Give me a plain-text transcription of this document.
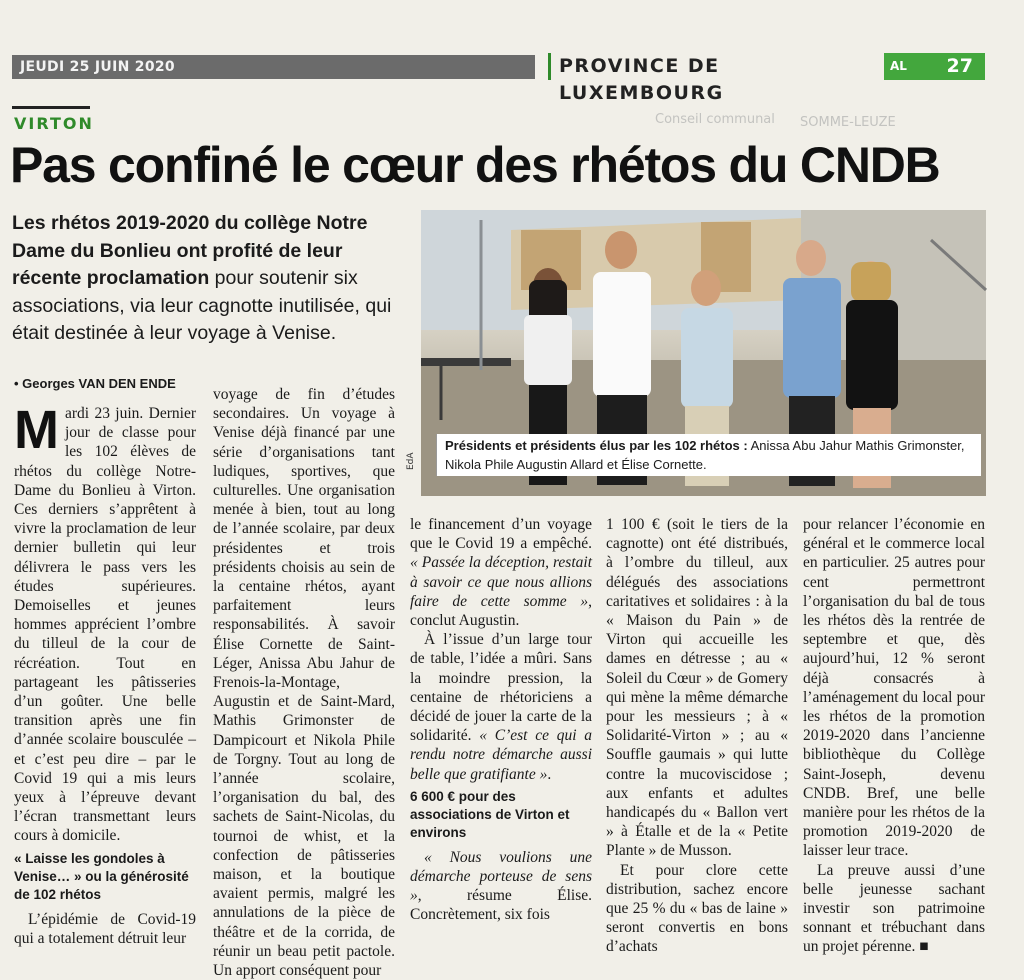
Conseil communal SOMME-LEUZE
JEUDI 25 JUIN 2020	PROVINCE DE LUXEMBOURG
AL 27
VIRTON
Pas confiné le cœur des rhétos du CNDB
Les rhétos 2019-2020 du collège Notre Dame du Bonlieu ont profité de leur récente proclamation pour soutenir six associations, via leur cagnotte inutilisée, qui était destinée à leur voyage à Venise.
EdA
Présidents et présidents élus par les 102 rhétos : Anissa Abu Jahur Mathis Grimonster, Nikola Phile Augustin Allard et Élise Cornette.
• Georges VAN DEN ENDE

Mardi 23 juin. Dernier jour de classe pour les 102 élèves de rhétos du collège Notre-Dame du Bonlieu à Virton. Ces derniers s’apprêtent à vivre la proclamation de leur dernier bulletin qui leur délivrera le pass vers les études supérieures. Demoiselles et jeunes hommes apprécient l’ombre du tilleul de la cour de récréation. Tout en partageant les pâtisseries d’un goûter. Une belle transition après une fin d’année scolaire bousculée – et c’est peu dire – par le Covid 19 qui a mis leurs yeux à l’épreuve devant l’écran transmettant leurs cours à domicile.

« Laisse les gondoles à Venise… » ou la générosité de 102 rhétos

L’épidémie de Covid-19 qui a totalement détruit leur

voyage de fin d’études secondaires. Un voyage à Venise déjà financé par une série d’organisations tant ludiques, sportives, que culturelles. Une organisation menée à bien, tout au long de l’année scolaire, par deux présidentes et trois présidents choisis au sein de la centaine rhétos, ayant parfaitement leurs responsabilités. À savoir Élise Cornette de Saint-Léger, Anissa Abu Jahur de Frenois-la-Montage, Augustin et de Saint-Mard, Mathis Grimonster de Dampicourt et Nikola Phile de Torgny. Tout au long de l’année scolaire, l’organisation du bal, des sachets de Saint-Nicolas, du tournoi de whist, et la confection de pâtisseries maison, et la boutique avaient permis, malgré les annulations de la pièce de théâtre et de la corrida, de réunir un beau petit pactole. Un apport conséquent pour

le financement d’un voyage que le Covid 19 a empêché. « Passée la déception, restait à savoir ce que nous allions faire de cette somme », conclut Augustin.

À l’issue d’un large tour de table, l’idée a mûri. Sans la moindre pression, la centaine de rhétoriciens a décidé de jouer la carte de la solidarité. « C’est ce qui a rendu notre démarche aussi belle que gratifiante ».

6 600 € pour des associations de Virton et environs

« Nous voulions une démarche porteuse de sens », résume Élise. Concrètement, six fois

1 100 € (soit le tiers de la cagnotte) ont été distribués, à l’ombre du tilleul, aux délégués des associations caritatives et solidaires : à la « Maison du Pain » de Virton qui accueille les dames en détresse ; au « Soleil du Cœur » de Gomery qui mène la même démarche pour les messieurs ; à « Solidarité-Virton » ; au « Souffle gaumais » qui lutte contre la mucoviscidose ; aux enfants et adultes handicapés du « Ballon vert » à Étalle et de la « Petite Plante » de Musson.

Et pour clore cette distribution, sachez encore que 25 % du « bas de laine » seront convertis en bons d’achats

pour relancer l’économie en général et le commerce local en particulier. 25 autres pour cent permettront l’organisation du bal de tous les rhétos dès la rentrée de septembre et que, dès aujourd’hui, 12 % seront déjà consacrés à l’aménagement du local pour les rhétos de la promotion 2019-2020 dans l’ancienne bibliothèque du Collège Saint-Joseph, devenu CNDB. Bref, une belle manière pour les rhétos de la promotion 2019-2020 de laisser leur trace.

La preuve aussi d’une belle jeunesse sachant investir son patrimoine sonnant et trébuchant dans un projet pérenne. ■
